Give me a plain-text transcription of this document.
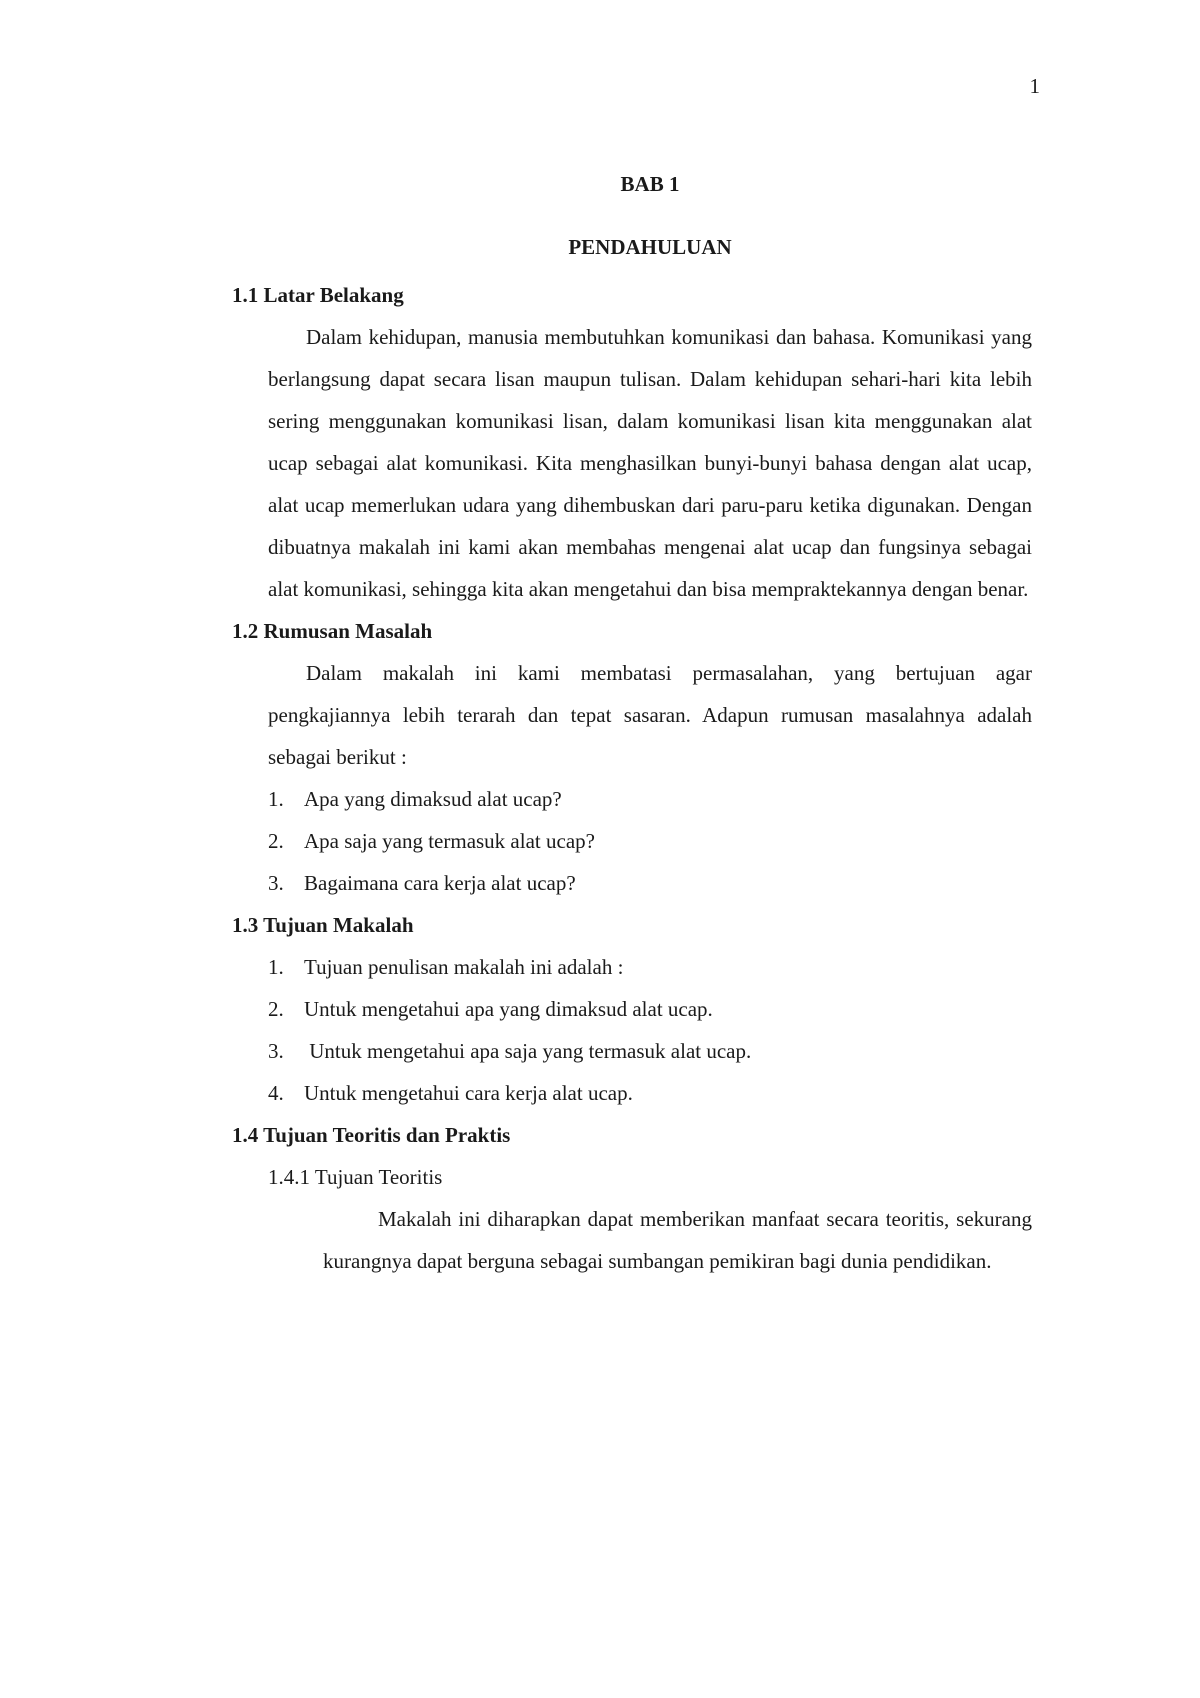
1
BAB 1
PENDAHULUAN

1.1 Latar Belakang

Dalam kehidupan, manusia membutuhkan komunikasi dan bahasa. Komunikasi yang berlangsung dapat secara lisan maupun tulisan. Dalam kehidupan sehari-hari kita lebih sering menggunakan komunikasi lisan, dalam komunikasi lisan kita menggunakan alat ucap sebagai alat komunikasi. Kita menghasilkan bunyi-bunyi bahasa dengan alat ucap, alat ucap memerlukan udara yang dihembuskan dari paru-paru ketika digunakan. Dengan dibuatnya makalah ini kami akan membahas mengenai alat ucap dan fungsinya sebagai alat komunikasi, sehingga kita akan mengetahui dan bisa mempraktekannya dengan benar.

1.2 Rumusan Masalah

Dalam makalah ini kami membatasi permasalahan, yang bertujuan agar pengkajiannya lebih terarah dan tepat sasaran. Adapun rumusan masalahnya adalah sebagai berikut :

1. Apa yang dimaksud alat ucap?
2. Apa saja yang termasuk alat ucap?
3. Bagaimana cara kerja alat ucap?

1.3 Tujuan Makalah

1. Tujuan penulisan makalah ini adalah :
2. Untuk mengetahui apa yang dimaksud alat ucap.
3. Untuk mengetahui apa saja yang termasuk alat ucap.
4. Untuk mengetahui cara kerja alat ucap.

1.4 Tujuan Teoritis dan Praktis

1.4.1 Tujuan Teoritis

Makalah ini diharapkan dapat memberikan manfaat secara teoritis, sekurang kurangnya dapat berguna sebagai sumbangan pemikiran bagi dunia pendidikan.
